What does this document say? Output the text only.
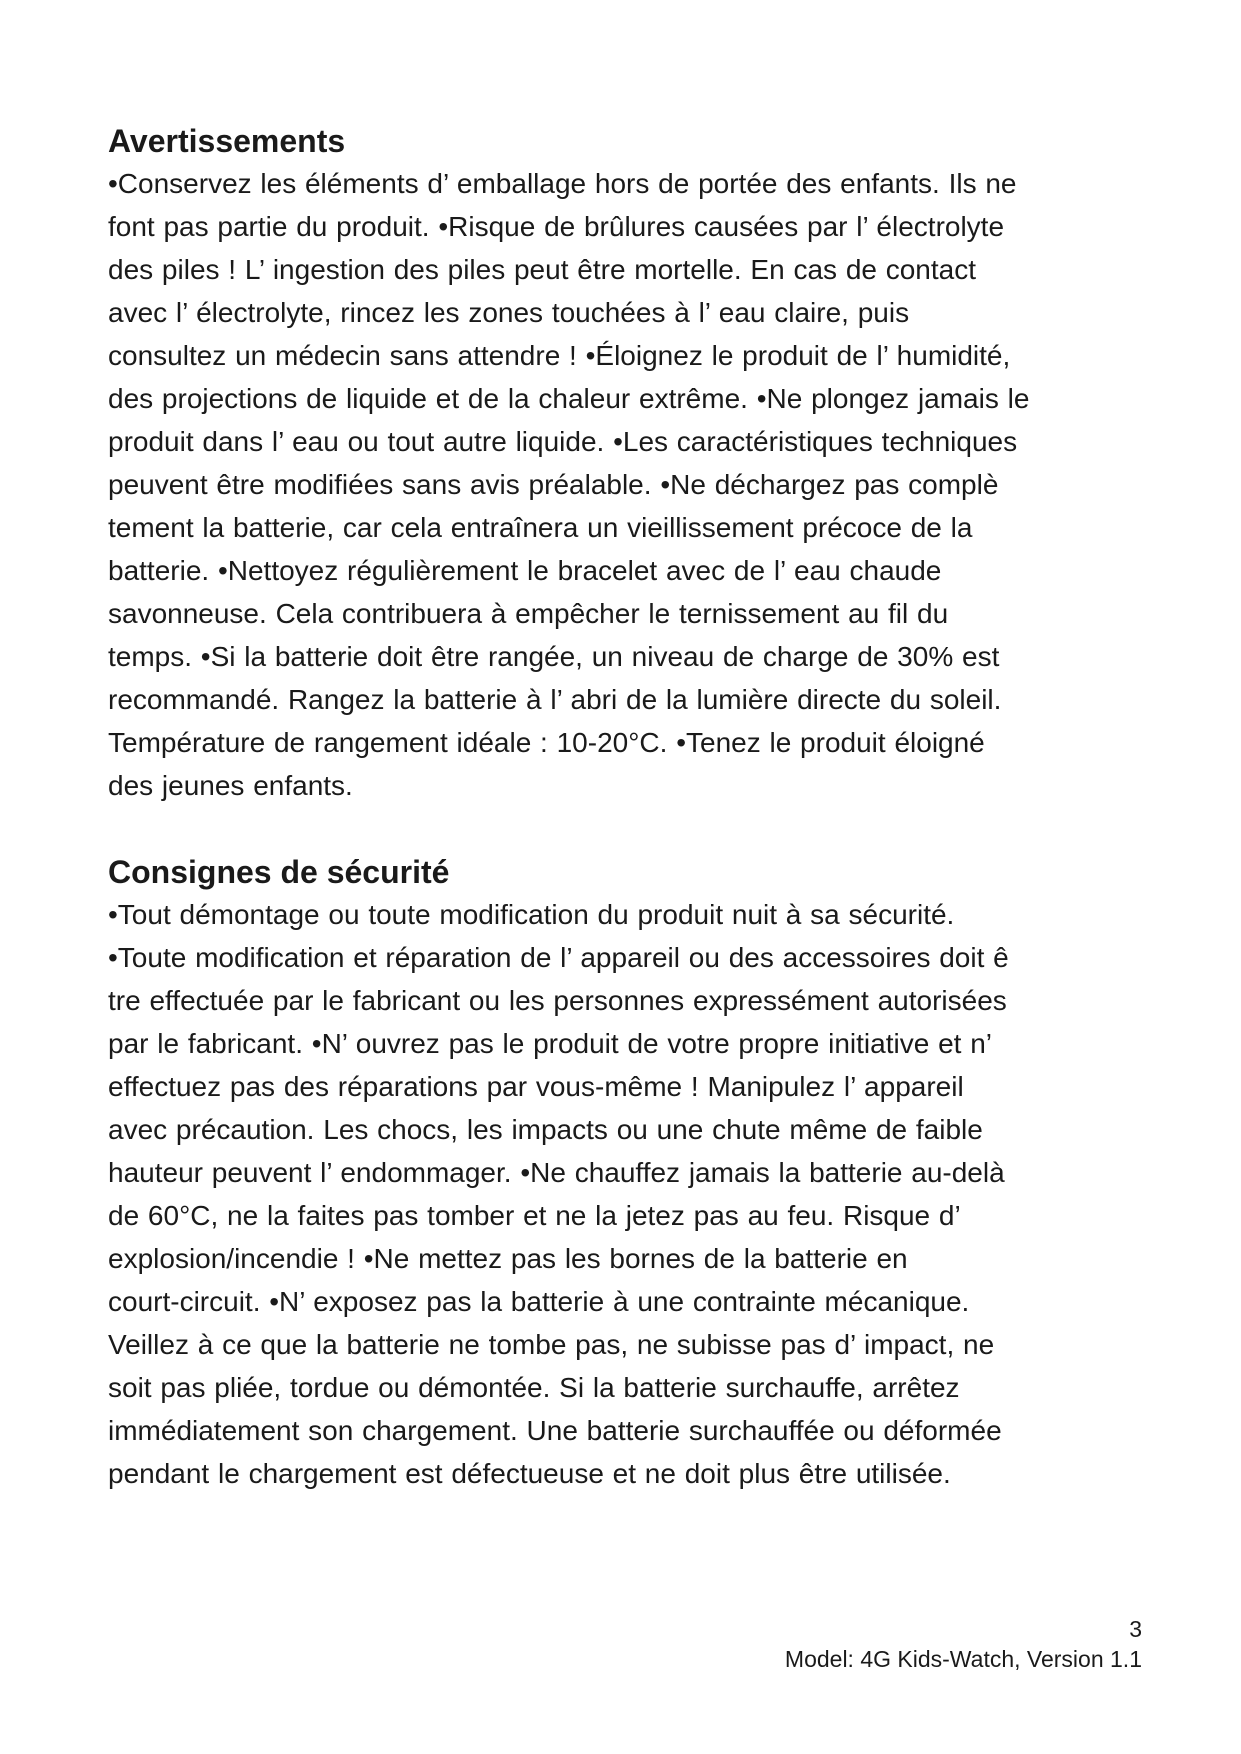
Avertissements

•Conservez les éléments d’ emballage hors de portée des enfants. Ils ne
font pas partie du produit. •Risque de brûlures causées par l’ électrolyte
des piles ! L’ ingestion des piles peut être mortelle. En cas de contact
avec l’ électrolyte, rincez les zones touchées à l’ eau claire, puis
consultez un médecin sans attendre ! •Éloignez le produit de l’ humidité,
des projections de liquide et de la chaleur extrême. •Ne plongez jamais le
produit dans l’ eau ou tout autre liquide. •Les caractéristiques techniques
peuvent être modifiées sans avis préalable. •Ne déchargez pas complè
tement la batterie, car cela entraînera un vieillissement précoce de la
batterie. •Nettoyez régulièrement le bracelet avec de l’ eau chaude
savonneuse. Cela contribuera à empêcher le ternissement au fil du
temps. •Si la batterie doit être rangée, un niveau de charge de 30% est
recommandé. Rangez la batterie à l’ abri de la lumière directe du soleil.
Température de rangement idéale : 10-20°C. •Tenez le produit éloigné
des jeunes enfants.

Consignes de sécurité

•Tout démontage ou toute modification du produit nuit à sa sécurité.
•Toute modification et réparation de l’ appareil ou des accessoires doit ê
tre effectuée par le fabricant ou les personnes expressément autorisées
par le fabricant. •N’ ouvrez pas le produit de votre propre initiative et n’
effectuez pas des réparations par vous-même ! Manipulez l’ appareil
avec précaution. Les chocs, les impacts ou une chute même de faible
hauteur peuvent l’ endommager. •Ne chauffez jamais la batterie au-delà
de 60°C, ne la faites pas tomber et ne la jetez pas au feu. Risque d’
explosion/incendie ! •Ne mettez pas les bornes de la batterie en
court-circuit. •N’ exposez pas la batterie à une contrainte mécanique.
Veillez à ce que la batterie ne tombe pas, ne subisse pas d’ impact, ne
soit pas pliée, tordue ou démontée. Si la batterie surchauffe, arrêtez
immédiatement son chargement. Une batterie surchauffée ou déformée
pendant le chargement est défectueuse et ne doit plus être utilisée.

3
Model: 4G Kids-Watch, Version 1.1
